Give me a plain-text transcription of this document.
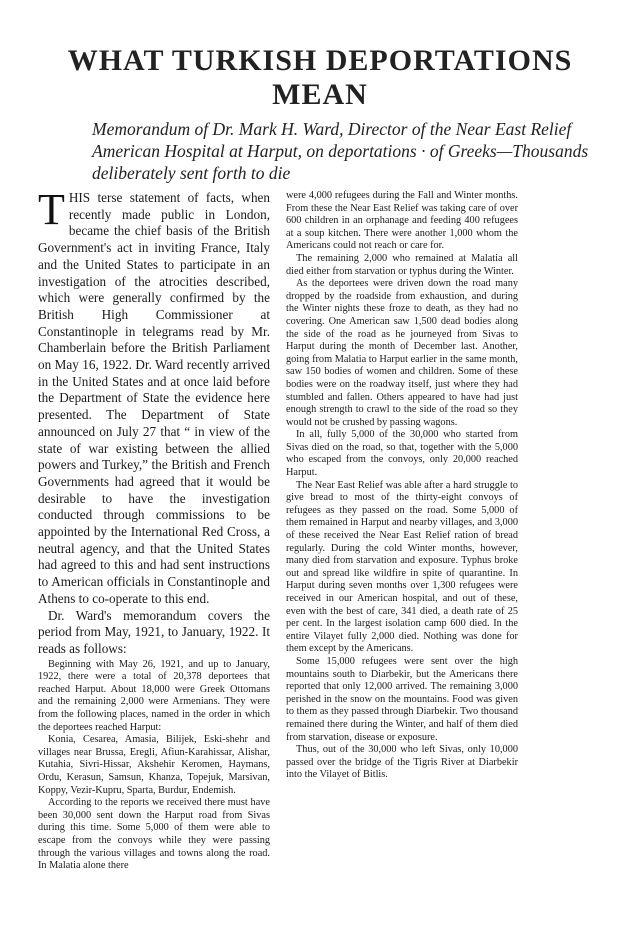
WHAT TURKISH DEPORTATIONS MEAN
Memorandum of Dr. Mark H. Ward, Director of the Near East Relief American Hospital at Harput, on deportations · of Greeks—Thousands deliberately sent forth to die

THIS terse statement of facts, when recently made public in London, became the chief basis of the British Government's act in inviting France, Italy and the United States to participate in an investigation of the atrocities described, which were generally confirmed by the British High Commissioner at Constantinople in telegrams read by Mr. Chamberlain before the British Parliament on May 16, 1922. Dr. Ward recently arrived in the United States and at once laid before the Department of State the evidence here presented. The Department of State announced on July 27 that “ in view of the state of war existing between the allied powers and Turkey,” the British and French Governments had agreed that it would be desirable to have the investigation conducted through commissions to be appointed by the International Red Cross, a neutral agency, and that the United States had agreed to this and had sent instructions to American officials in Constantinople and Athens to co-operate to this end.

Dr. Ward's memorandum covers the period from May, 1921, to January, 1922. It reads as follows:

Beginning with May 26, 1921, and up to January, 1922, there were a total of 20,378 deportees that reached Harput. About 18,000 were Greek Ottomans and the remaining 2,000 were Armenians. They were from the following places, named in the order in which the deportees reached Harput:

Konia, Cesarea, Amasia, Bilijek, Eski-shehr and villages near Brussa, Eregli, Afiun-Karahissar, Alishar, Kutahia, Sivri-Hissar, Akshehir Keromen, Haymans, Ordu, Kerasun, Samsun, Khanza, Topejuk, Marsivan, Koppy, Vezir-Kupru, Sparta, Burdur, Endemish.

According to the reports we received there must have been 30,000 sent down the Harput road from Sivas during this time. Some 5,000 of them were able to escape from the convoys while they were passing through the various villages and towns along the road. In Malatia alone there

were 4,000 refugees during the Fall and Winter months. From these the Near East Relief was taking care of over 600 children in an orphanage and feeding 400 refugees at a soup kitchen. There were another 1,000 whom the Americans could not reach or care for.

The remaining 2,000 who remained at Malatia all died either from starvation or typhus during the Winter.

As the deportees were driven down the road many dropped by the roadside from exhaustion, and during the Winter nights these froze to death, as they had no covering. One American saw 1,500 dead bodies along the side of the road as he journeyed from Sivas to Harput during the month of December last. Another, going from Malatia to Harput earlier in the same month, saw 150 bodies of women and children. Some of these bodies were on the roadway itself, just where they had stumbled and fallen. Others appeared to have had just enough strength to crawl to the side of the road so they would not be crushed by passing wagons.

In all, fully 5,000 of the 30,000 who started from Sivas died on the road, so that, together with the 5,000 who escaped from the convoys, only 20,000 reached Harput.

The Near East Relief was able after a hard struggle to give bread to most of the thirty-eight convoys of refugees as they passed on the road. Some 5,000 of them remained in Harput and nearby villages, and 3,000 of these received the Near East Relief ration of bread regularly. During the cold Winter months, however, many died from starvation and exposure. Typhus broke out and spread like wildfire in spite of quarantine. In Harput during seven months over 1,300 refugees were received in our American hospital, and out of these, even with the best of care, 341 died, a death rate of 25 per cent. In the largest isolation camp 600 died. In the entire Vilayet fully 2,000 died. Nothing was done for them except by the Americans.

Some 15,000 refugees were sent over the high mountains south to Diarbekir, but the Americans there reported that only 12,000 arrived. The remaining 3,000 perished in the snow on the mountains. Food was given to them as they passed through Diarbekir. Two thousand remained there during the Winter, and half of them died from starvation, disease or exposure.

Thus, out of the 30,000 who left Sivas, only 10,000 passed over the bridge of the Tigris River at Diarbekir into the Vilayet of Bitlis.
